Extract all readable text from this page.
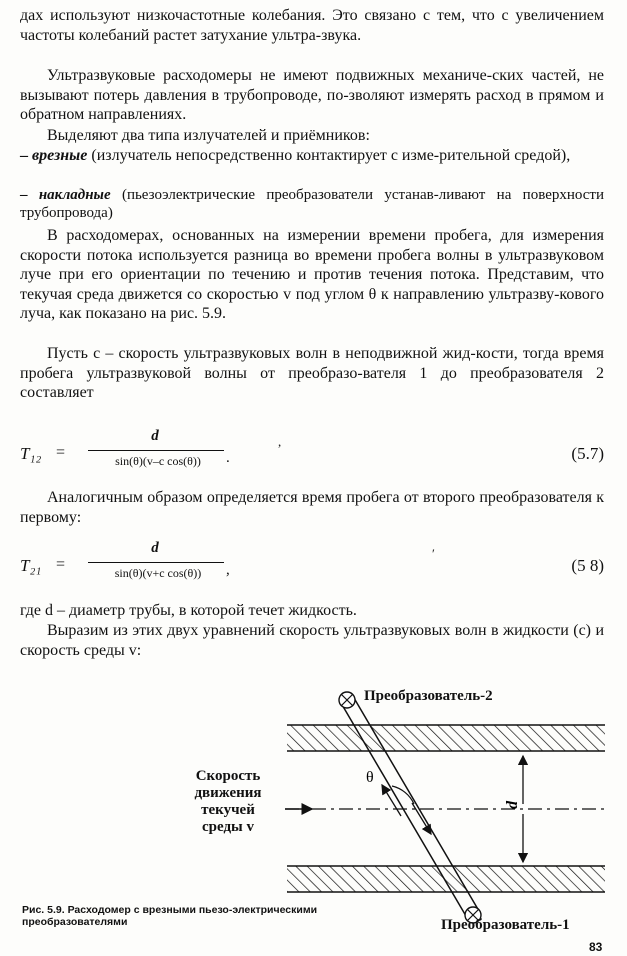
дах используют низкочастотные колебания. Это связано с тем, что с увеличением частоты колебаний растет затухание ультра-звука.

Ультразвуковые расходомеры не имеют подвижных механиче-ских частей, не вызывают потерь давления в трубопроводе, по-зволяют измерять расход в прямом и обратном направлениях.

Выделяют два типа излучателей и приёмников:

– врезные (излучатель непосредственно контактирует с изме-рительной средой),

– накладные (пьезоэлектрические преобразователи устанав-ливают на поверхности трубопровода)

В расходомерах, основанных на измерении времени пробега, для измерения скорости потока используется разница во времени пробега волны в ультразвуковом луче при его ориентации по течению и против течения потока. Представим, что текучая среда движется со скоростью v под углом θ к направлению ультразву-кового луча, как показано на рис. 5.9.

Пусть c – скорость ультразвуковых волн в неподвижной жид-кости, тогда время пробега ультразвуковой волны от преобразо-вателя 1 до преобразователя 2 составляет

T₁₂ =
d
sin(θ)(v–c cos(θ))	.
,
(5.7)

Аналогичным образом определяется время пробега от второго преобразователя к первому:

T₂₁ =
d
sin(θ)(v+c cos(θ))	,
′
(5 8)

где d – диаметр трубы, в которой течет жидкость.

Выразим из этих двух уравнений скорость ультразвуковых волн в жидкости (c) и скорость среды v:

θ
d
Преобразователь-2
Преобразователь-1
Скорость
движения
текучей
среды v
Рис. 5.9. Расходомер с врезными пьезо-электрическими преобразователями
83
